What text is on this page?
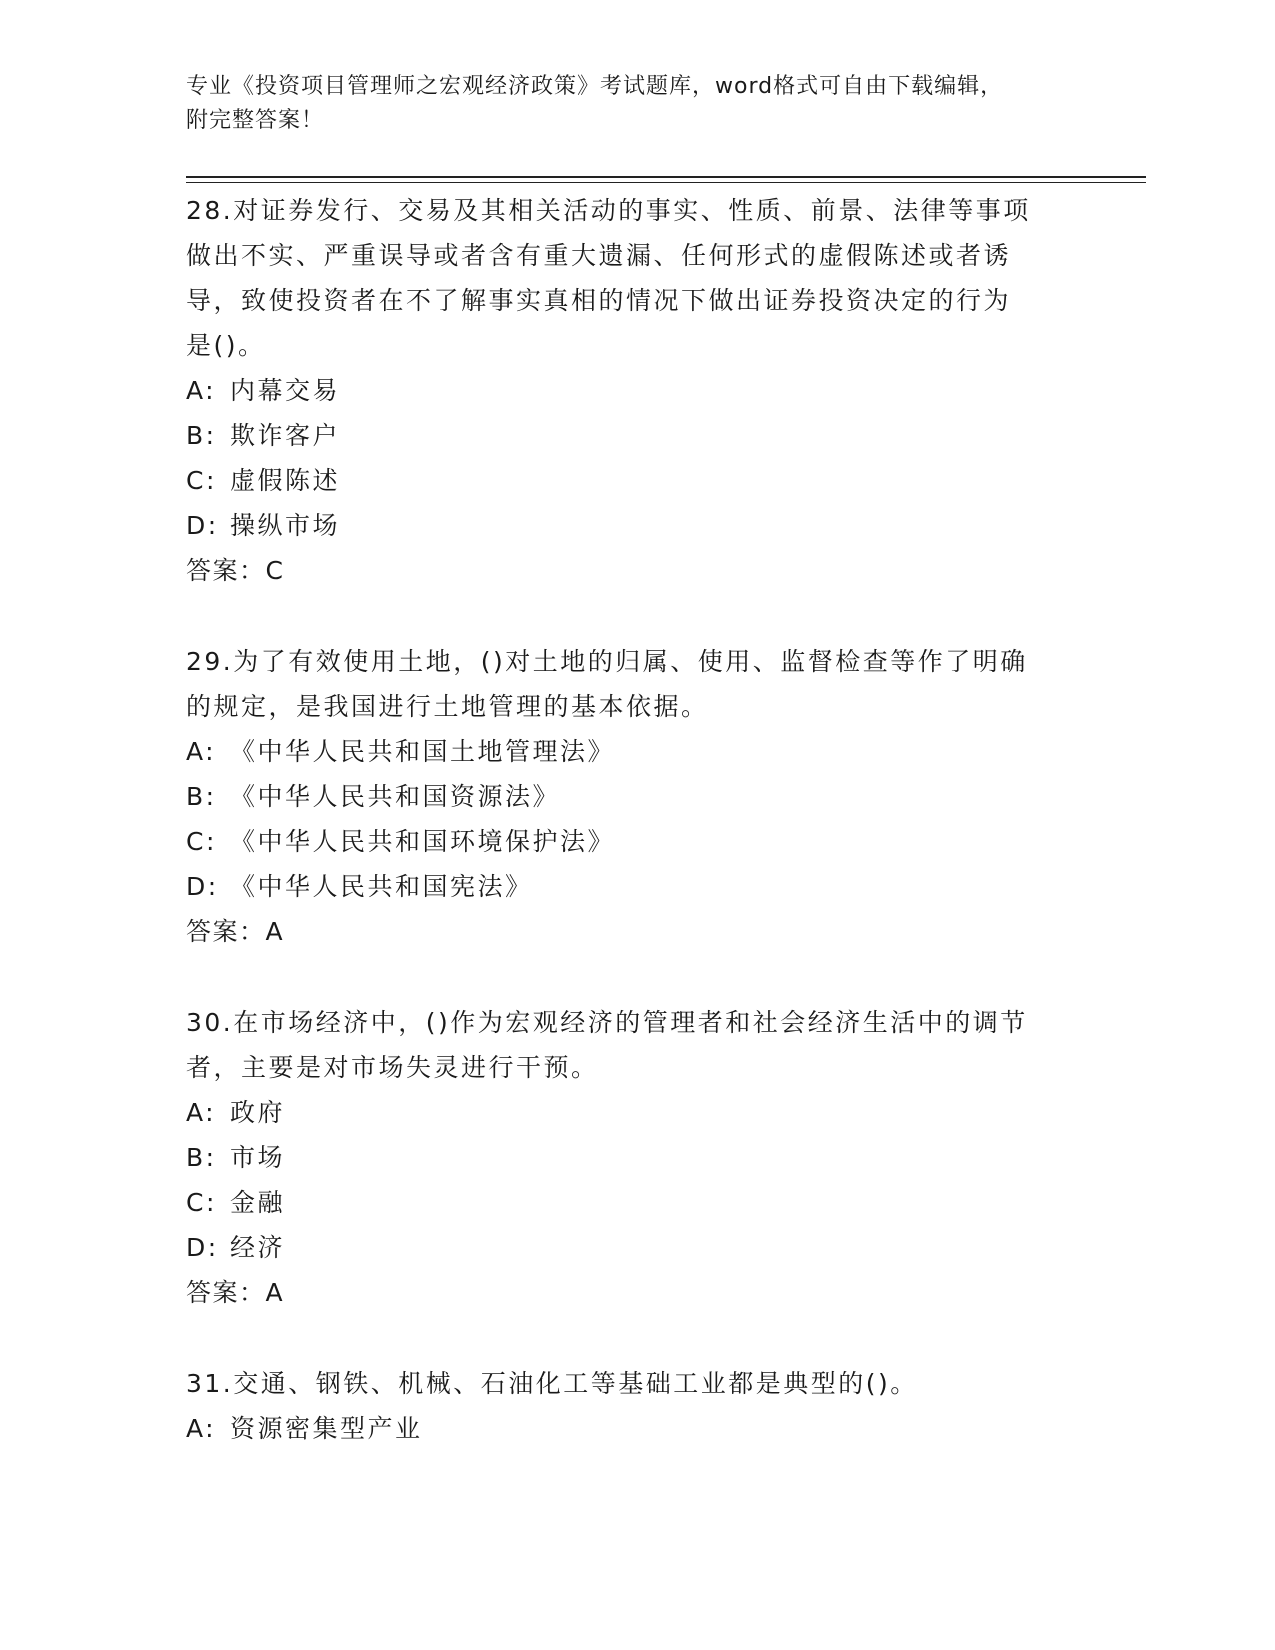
专业《投资项目管理师之宏观经济政策》考试题库，word格式可自由下载编辑，
附完整答案！
28.对证券发行、交易及其相关活动的事实、性质、前景、法律等事项
做出不实、严重误导或者含有重大遗漏、任何形式的虚假陈述或者诱
导，致使投资者在不了解事实真相的情况下做出证券投资决定的行为
是()。
A: 内幕交易
B: 欺诈客户
C: 虚假陈述
D: 操纵市场
答案：C
29.为了有效使用土地，()对土地的归属、使用、监督检查等作了明确
的规定，是我国进行土地管理的基本依据。
A: 《中华人民共和国土地管理法》
B: 《中华人民共和国资源法》
C: 《中华人民共和国环境保护法》
D: 《中华人民共和国宪法》
答案：A
30.在市场经济中，()作为宏观经济的管理者和社会经济生活中的调节
者，主要是对市场失灵进行干预。
A: 政府
B: 市场
C: 金融
D: 经济
答案：A
31.交通、钢铁、机械、石油化工等基础工业都是典型的()。
A: 资源密集型产业
